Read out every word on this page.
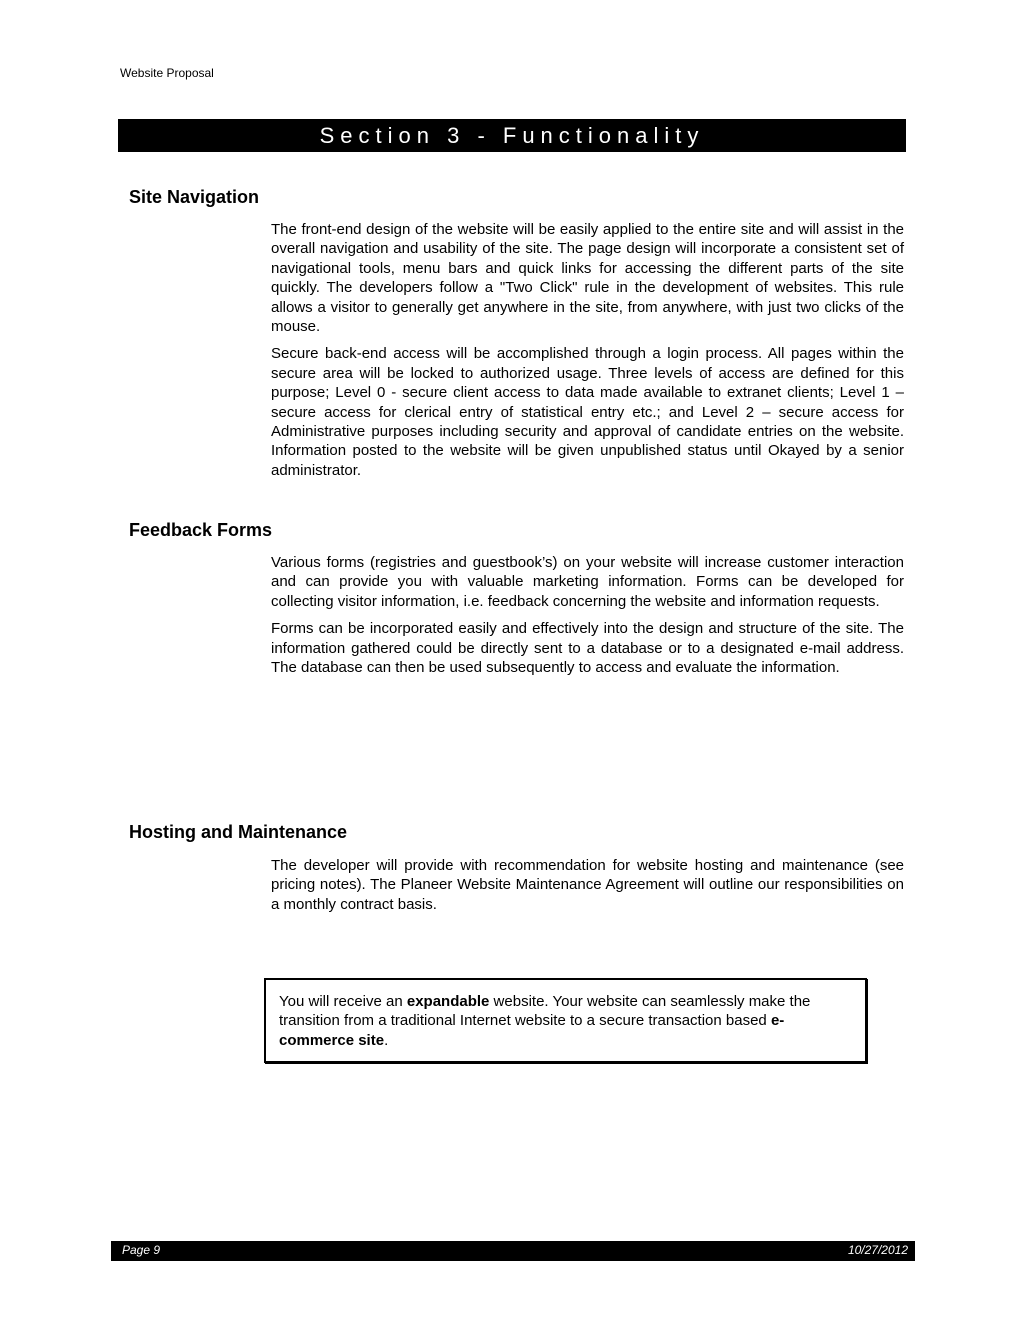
Website Proposal
Section 3 - Functionality
Site Navigation

The front-end design of the website will be easily applied to the entire site and will assist in the overall navigation and usability of the site. The page design will incorporate a consistent set of navigational tools, menu bars and quick links for accessing the different parts of the site quickly. The developers follow a "Two Click" rule in the development of websites. This rule allows a visitor to generally get anywhere in the site, from anywhere, with just two clicks of the mouse.

Secure back-end access will be accomplished through a login process. All pages within the secure area will be locked to authorized usage. Three levels of access are defined for this purpose; Level 0 - secure client access to data made available to extranet clients; Level 1 – secure access for clerical entry of statistical entry etc.; and Level 2 – secure access for Administrative purposes including security and approval of candidate entries on the website. Information posted to the website will be given unpublished status until Okayed by a senior administrator.

Feedback Forms

Various forms (registries and guestbook’s) on your website will increase customer interaction and can provide you with valuable marketing information. Forms can be developed for collecting visitor information, i.e. feedback concerning the website and information requests.

Forms can be incorporated easily and effectively into the design and structure of the site. The information gathered could be directly sent to a database or to a designated e-mail address. The database can then be used subsequently to access and evaluate the information.

Hosting and Maintenance

The developer will provide with recommendation for website hosting and maintenance (see pricing notes). The Planeer Website Maintenance Agreement will outline our responsibilities on a monthly contract basis.

You will receive an expandable website. Your website can seamlessly make the transition from a traditional Internet website to a secure transaction based e-commerce site.

Page 9	10/27/2012
